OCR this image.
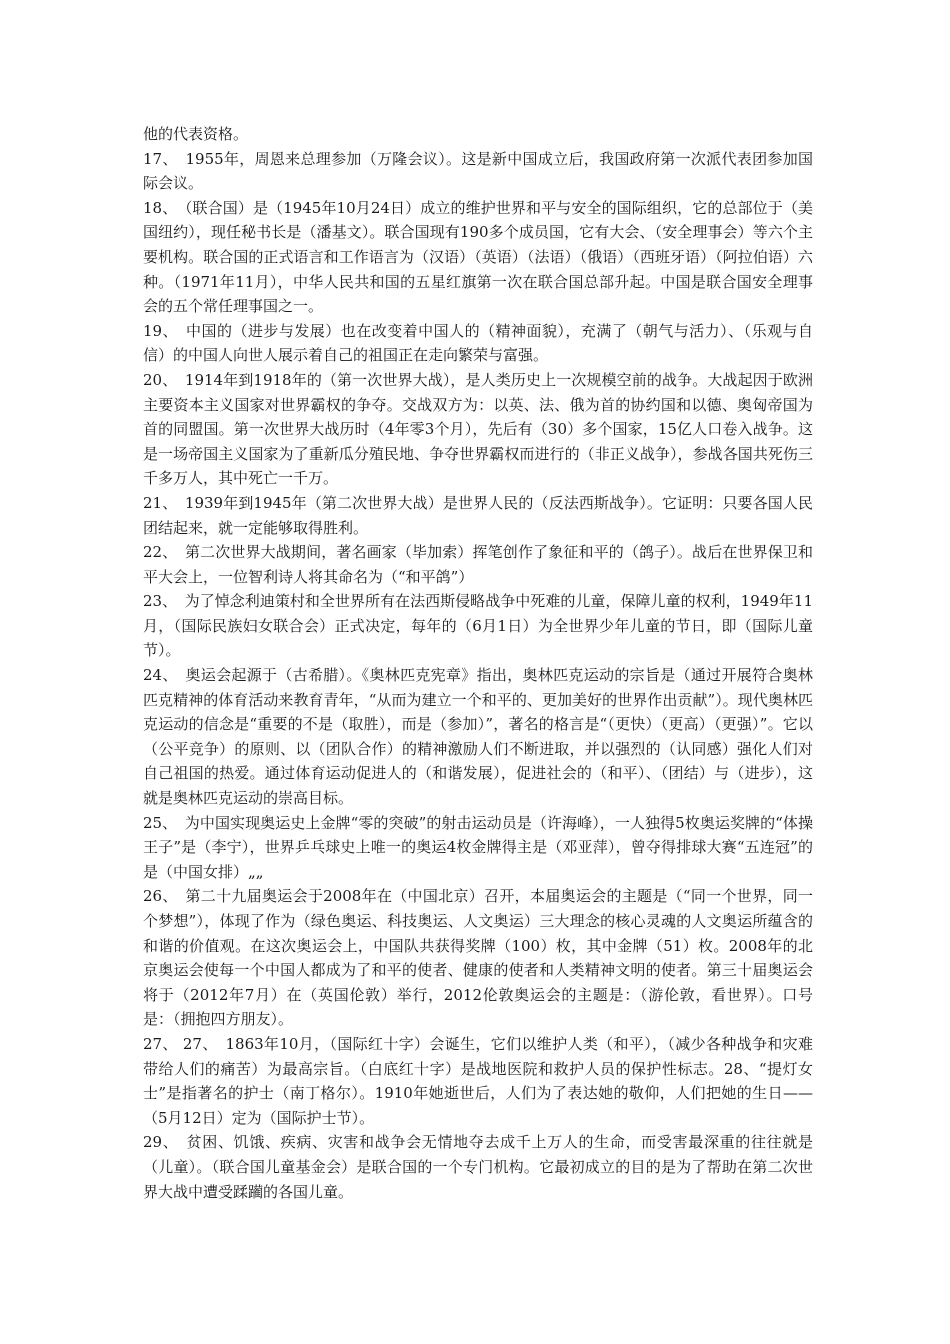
他的代表资格。

17、　1955年，周恩来总理参加（万隆会议）。这是新中国成立后，我国政府第一次派代表团参加国际会议。

18、　（联合国）是（1945年10月24日）成立的维护世界和平与安全的国际组织，它的总部位于（美国纽约），现任秘书长是（潘基文）。联合国现有190多个成员国，它有大会、（安全理事会）等六个主要机构。联合国的正式语言和工作语言为（汉语）（英语）（法语）（俄语）（西班牙语）（阿拉伯语）六种。（1971年11月），中华人民共和国的五星红旗第一次在联合国总部升起。中国是联合国安全理事会的五个常任理事国之一。

19、　中国的（进步与发展）也在改变着中国人的（精神面貌），充满了（朝气与活力）、（乐观与自信）的中国人向世人展示着自己的祖国正在走向繁荣与富强。

20、　1914年到1918年的（第一次世界大战），是人类历史上一次规模空前的战争。大战起因于欧洲主要资本主义国家对世界霸权的争夺。交战双方为：以英、法、俄为首的协约国和以德、奥匈帝国为首的同盟国。第一次世界大战历时（4年零3个月），先后有（30）多个国家，15亿人口卷入战争。这是一场帝国主义国家为了重新瓜分殖民地、争夺世界霸权而进行的（非正义战争），参战各国共死伤三千多万人，其中死亡一千万。

21、　1939年到1945年（第二次世界大战）是世界人民的（反法西斯战争）。它证明：只要各国人民团结起来，就一定能够取得胜利。

22、　第二次世界大战期间，著名画家（毕加索）挥笔创作了象征和平的（鸽子）。战后在世界保卫和平大会上，一位智利诗人将其命名为（“和平鸽”）

23、　为了悼念利迪策村和全世界所有在法西斯侵略战争中死难的儿童，保障儿童的权利，1949年11月，（国际民族妇女联合会）正式决定，每年的（6月1日）为全世界少年儿童的节日，即（国际儿童节）。

24、　奥运会起源于（古希腊）。《奥林匹克宪章》指出，奥林匹克运动的宗旨是（通过开展符合奥林匹克精神的体育活动来教育青年，“从而为建立一个和平的、更加美好的世界作出贡献”）。现代奥林匹克运动的信念是“重要的不是（取胜），而是（参加）”，著名的格言是“（更快）（更高）（更强）”。它以（公平竞争）的原则、以（团队合作）的精神激励人们不断进取，并以强烈的（认同感）强化人们对自己祖国的热爱。通过体育运动促进人的（和谐发展），促进社会的（和平）、（团结）与（进步），这就是奥林匹克运动的崇高目标。

25、　为中国实现奥运史上金牌“零的突破”的射击运动员是（许海峰），一人独得5枚奥运奖牌的“体操王子”是（李宁），世界乒乓球史上唯一的奥运4枚金牌得主是（邓亚萍），曾夺得排球大赛“五连冠”的是（中国女排）„„

26、　第二十九届奥运会于2008年在（中国北京）召开，本届奥运会的主题是（“同一个世界，同一个梦想”），体现了作为（绿色奥运、科技奥运、人文奥运）三大理念的核心灵魂的人文奥运所蕴含的和谐的价值观。在这次奥运会上，中国队共获得奖牌（100）枚，其中金牌（51）枚。2008年的北京奥运会使每一个中国人都成为了和平的使者、健康的使者和人类精神文明的使者。第三十届奥运会将于（2012年7月）在（英国伦敦）举行，2012伦敦奥运会的主题是：（游伦敦，看世界）。口号是：（拥抱四方朋友）。

27、 27、　1863年10月，（国际红十字）会诞生，它们以维护人类（和平），（减少各种战争和灾难带给人们的痛苦）为最高宗旨。（白底红十字）是战地医院和救护人员的保护性标志。28、“提灯女士”是指著名的护士（南丁格尔）。1910年她逝世后，人们为了表达她的敬仰，人们把她的生日——（5月12日）定为（国际护士节）。

29、　贫困、饥饿、疾病、灾害和战争会无情地夺去成千上万人的生命，而受害最深重的往往就是（儿童）。（联合国儿童基金会）是联合国的一个专门机构。它最初成立的目的是为了帮助在第二次世界大战中遭受蹂躏的各国儿童。
